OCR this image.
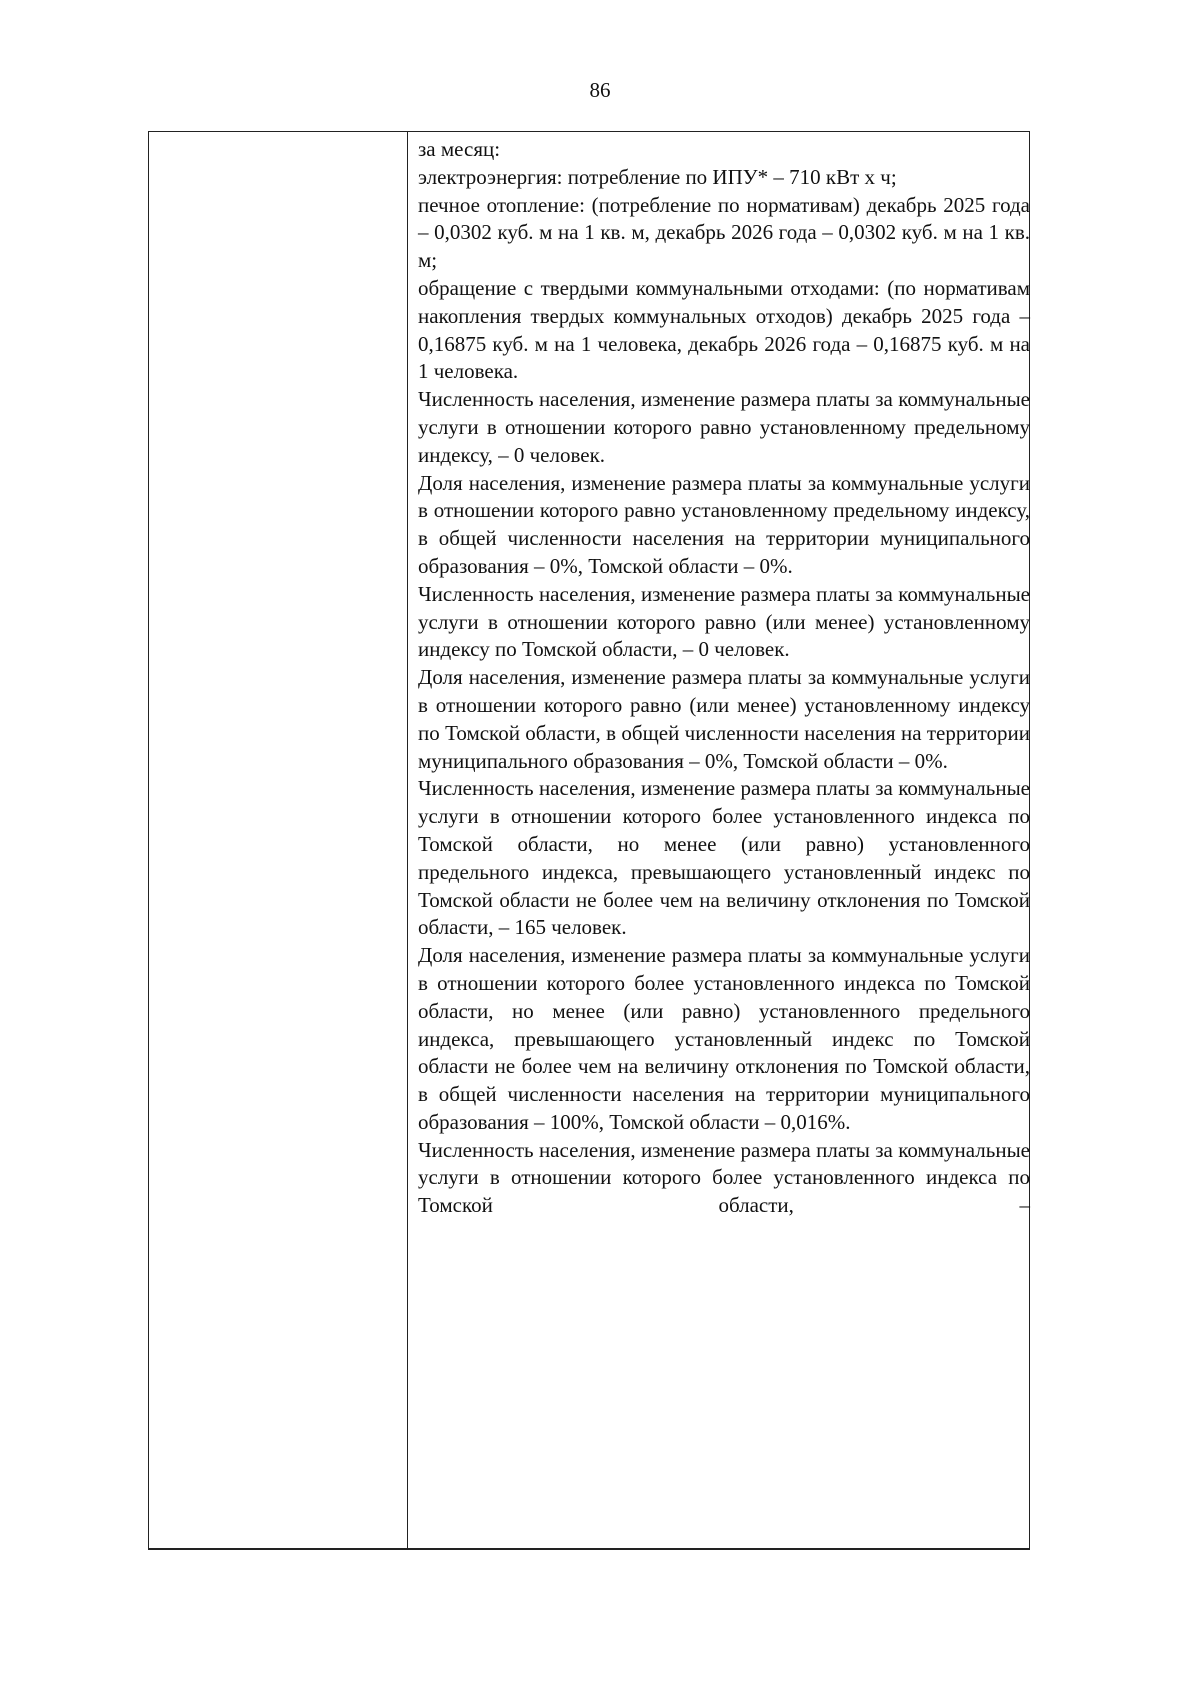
86

за месяц:

электроэнергия: потребление по ИПУ* – 710 кВт х ч;

печное отопление: (потребление по нормативам) декабрь 2025 года – 0,0302 куб. м на 1 кв. м, декабрь 2026 года – 0,0302 куб. м на 1 кв. м;

обращение с твердыми коммунальными отходами: (по нормативам накопления твердых коммунальных отходов) декабрь 2025 года – 0,16875 куб. м на 1 человека, декабрь 2026 года – 0,16875 куб. м на 1 человека.

Численность населения, изменение размера платы за коммунальные услуги в отношении которого равно установленному предельному индексу, – 0 человек.

Доля населения, изменение размера платы за коммунальные услуги в отношении которого равно установленному предельному индексу, в общей численности населения на территории муниципального образования – 0%, Томской области – 0%.

Численность населения, изменение размера платы за коммунальные услуги в отношении которого равно (или менее) установленному индексу по Томской области, – 0 человек.

Доля населения, изменение размера платы за коммунальные услуги в отношении которого равно (или менее) установленному индексу по Томской области, в общей численности населения на территории муниципального образования – 0%, Томской области – 0%.

Численность населения, изменение размера платы за коммунальные услуги в отношении которого более установленного индекса по Томской области, но менее (или равно) установленного предельного индекса, превышающего установленный индекс по Томской области не более чем на величину отклонения по Томской области, – 165 человек.

Доля населения, изменение размера платы за коммунальные услуги в отношении которого более установленного индекса по Томской области, но менее (или равно) установленного предельного индекса, превышающего установленный индекс по Томской области не более чем на величину отклонения по Томской области, в общей численности населения на территории муниципального образования – 100%, Томской области – 0,016%.

Численность населения, изменение размера платы за коммунальные услуги в отношении которого более установленного индекса по Томской области, –
